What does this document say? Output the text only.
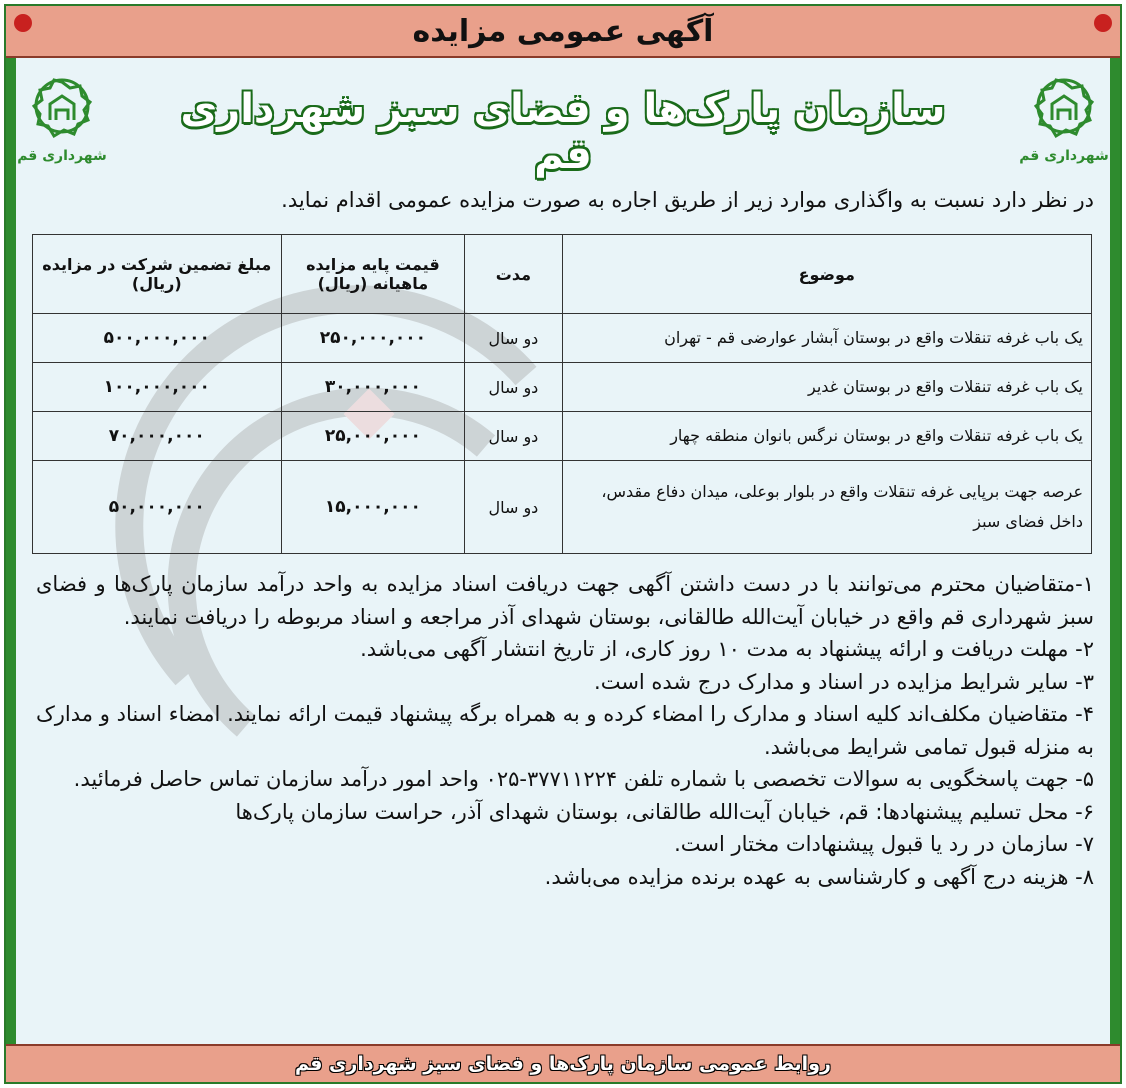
آگهی عمومی مزایده
شهرداری قم	شهرداری قم
سازمان پارک‌ها و فضای سبز شهرداری قم
در نظر دارد نسبت به واگذاری موارد زیر از طریق اجاره به صورت مزایده عمومی اقدام نماید.
موضوع	مدت	قیمت پایه مزایده ماهیانه (ریال)	مبلغ تضمین شرکت در مزایده (ریال)
یک باب غرفه تنقلات واقع در بوستان آبشار عوارضی قم - تهران	دو سال	۲۵۰,۰۰۰,۰۰۰	۵۰۰,۰۰۰,۰۰۰
یک باب غرفه تنقلات واقع در بوستان غدیر	دو سال	۳۰,۰۰۰,۰۰۰	۱۰۰,۰۰۰,۰۰۰
یک باب غرفه تنقلات واقع در بوستان نرگس بانوان منطقه چهار	دو سال	۲۵,۰۰۰,۰۰۰	۷۰,۰۰۰,۰۰۰
عرصه جهت برپایی غرفه تنقلات واقع در بلوار بوعلی، میدان دفاع مقدس، داخل فضای سبز	دو سال	۱۵,۰۰۰,۰۰۰	۵۰,۰۰۰,۰۰۰

۱-متقاضیان محترم می‌توانند با در دست داشتن آگهی جهت دریافت اسناد مزایده به واحد درآمد سازمان پارک‌ها و فضای سبز شهرداری قم واقع در خیابان آیت‌الله طالقانی، بوستان شهدای آذر مراجعه و اسناد مربوطه را دریافت نمایند.

۲- مهلت دریافت و ارائه پیشنهاد به مدت ۱۰ روز کاری، از تاریخ انتشار آگهی می‌باشد.

۳- سایر شرایط مزایده در اسناد و مدارک درج شده است.

۴- متقاضیان مکلف‌اند کلیه اسناد و مدارک را امضاء کرده و به همراه برگه پیشنهاد قیمت ارائه نمایند. امضاء اسناد و مدارک به منزله قبول تمامی شرایط می‌باشد.

۵- جهت پاسخگویی به سوالات تخصصی با شماره تلفن ۳۷۷۱۱۲۲۴-۰۲۵ واحد امور درآمد سازمان تماس حاصل فرمائید.

۶- محل تسلیم پیشنهادها: قم، خیابان آیت‌الله طالقانی، بوستان شهدای آذر، حراست سازمان پارک‌ها

۷- سازمان در رد یا قبول پیشنهادات مختار است.

۸- هزینه درج آگهی و کارشناسی به عهده برنده مزایده می‌باشد.

روابط عمومی سازمان پارک‌ها و فضای سبز شهرداری قم
